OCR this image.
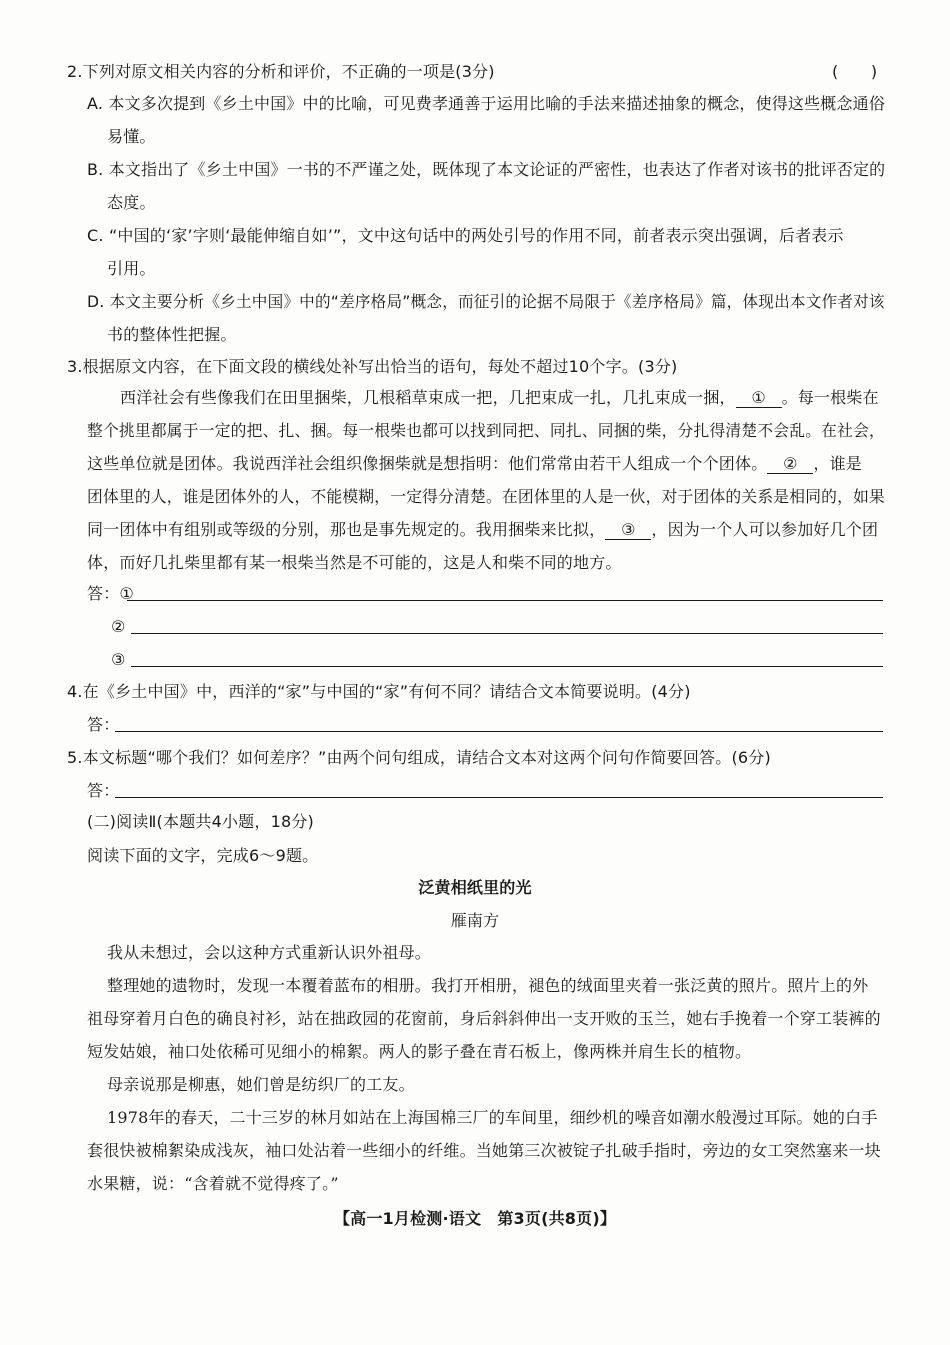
2.下列对原文相关内容的分析和评价，不正确的一项是(3分)	(　　)
A. 本文多次提到《乡土中国》中的比喻，可见费孝通善于运用比喻的手法来描述抽象的概念，使得这些概念通俗
易懂。
B. 本文指出了《乡土中国》一书的不严谨之处，既体现了本文论证的严密性，也表达了作者对该书的批评否定的
态度。
C. “中国的‘家’字则‘最能伸缩自如’”，文中这句话中的两处引号的作用不同，前者表示突出强调，后者表示
引用。
D. 本文主要分析《乡土中国》中的“差序格局”概念，而征引的论据不局限于《差序格局》篇，体现出本文作者对该
书的整体性把握。
3.根据原文内容，在下面文段的横线处补写出恰当的语句，每处不超过10个字。(3分)
西洋社会有些像我们在田里捆柴，几根稻草束成一把，几把束成一扎，几扎束成一捆， ① 。每一根柴在
整个挑里都属于一定的把、扎、捆。每一根柴也都可以找到同把、同扎、同捆的柴，分扎得清楚不会乱。在社会，
这些单位就是团体。我说西洋社会组织像捆柴就是想指明：他们常常由若干人组成一个个团体。 ② ，谁是
团体里的人，谁是团体外的人，不能模糊，一定得分清楚。在团体里的人是一伙，对于团体的关系是相同的，如果
同一团体中有组别或等级的分别，那也是事先规定的。我用捆柴来比拟， ③ ，因为一个人可以参加好几个团
体，而好几扎柴里都有某一根柴当然是不可能的，这是人和柴不同的地方。
答：①
②
③
4.在《乡土中国》中，西洋的“家”与中国的“家”有何不同？请结合文本简要说明。(4分)
答：
5.本文标题“哪个我们？如何差序？”由两个问句组成，请结合文本对这两个问句作简要回答。(6分)
答：
(二)阅读Ⅱ(本题共4小题，18分)
阅读下面的文字，完成6～9题。
泛黄相纸里的光
雁南方
我从未想过，会以这种方式重新认识外祖母。
整理她的遗物时，发现一本覆着蓝布的相册。我打开相册，褪色的绒面里夹着一张泛黄的照片。照片上的外
祖母穿着月白色的确良衬衫，站在拙政园的花窗前，身后斜斜伸出一支开败的玉兰，她右手挽着一个穿工装裤的
短发姑娘，袖口处依稀可见细小的棉絮。两人的影子叠在青石板上，像两株并肩生长的植物。
母亲说那是柳惠，她们曾是纺织厂的工友。
1978年的春天，二十三岁的林月如站在上海国棉三厂的车间里，细纱机的噪音如潮水般漫过耳际。她的白手
套很快被棉絮染成浅灰，袖口处沾着一些细小的纤维。当她第三次被锭子扎破手指时，旁边的女工突然塞来一块
水果糖，说：“含着就不觉得疼了。”
【高一1月检测·语文　第3页(共8页)】
